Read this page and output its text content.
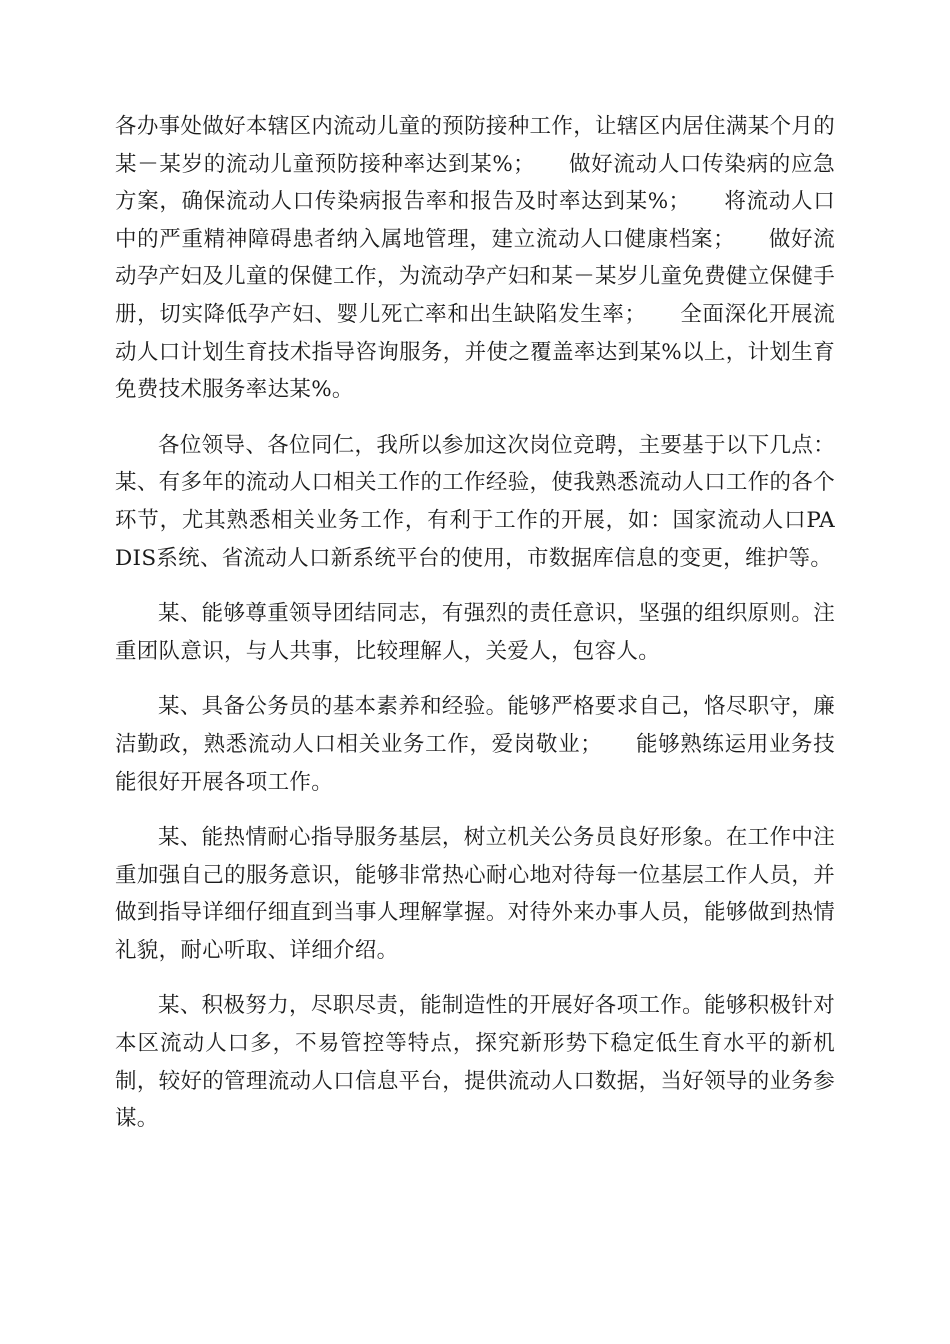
各办事处做好本辖区内流动儿童的预防接种工作，让辖区内居住满某个月的某－某岁的流动儿童预防接种率达到某%；　　做好流动人口传染病的应急方案，确保流动人口传染病报告率和报告及时率达到某%；　　将流动人口中的严重精神障碍患者纳入属地管理，建立流动人口健康档案；　　做好流动孕产妇及儿童的保健工作，为流动孕产妇和某－某岁儿童免费健立保健手册，切实降低孕产妇、婴儿死亡率和出生缺陷发生率；　　全面深化开展流动人口计划生育技术指导咨询服务，并使之覆盖率达到某%以上，计划生育免费技术服务率达某%。

各位领导、各位同仁，我所以参加这次岗位竞聘，主要基于以下几点：某、有多年的流动人口相关工作的工作经验，使我熟悉流动人口工作的各个环节，尤其熟悉相关业务工作，有利于工作的开展，如：国家流动人口PADIS系统、省流动人口新系统平台的使用，市数据库信息的变更，维护等。

某、能够尊重领导团结同志，有强烈的责任意识，坚强的组织原则。注重团队意识，与人共事，比较理解人，关爱人，包容人。

某、具备公务员的基本素养和经验。能够严格要求自己，恪尽职守，廉洁勤政，熟悉流动人口相关业务工作，爱岗敬业；　　能够熟练运用业务技能很好开展各项工作。

某、能热情耐心指导服务基层，树立机关公务员良好形象。在工作中注重加强自己的服务意识，能够非常热心耐心地对待每一位基层工作人员，并做到指导详细仔细直到当事人理解掌握。对待外来办事人员，能够做到热情礼貌，耐心听取、详细介绍。

某、积极努力，尽职尽责，能制造性的开展好各项工作。能够积极针对本区流动人口多，不易管控等特点，探究新形势下稳定低生育水平的新机制，较好的管理流动人口信息平台，提供流动人口数据，当好领导的业务参谋。
